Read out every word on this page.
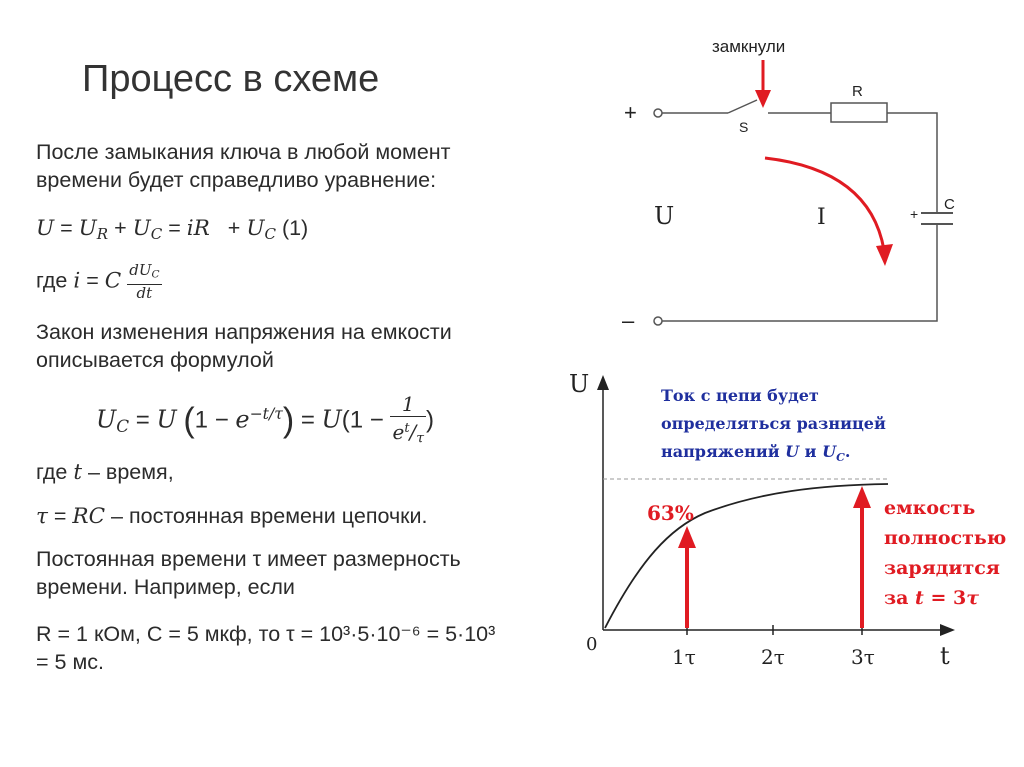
Процесс в схеме
После замыкания ключа в любой момент
времени будет справедливо уравнение:
$U = U_R + U_C$ = iR   + $U_C$ (1)
где i = C $\frac{dU_C}{dt}$
Закон изменения напряжения на емкости
описывается формулой
$U_C = U$ $(1 - e^{-t/\tau}) = U(1 - \frac{1}{e^t/_\tau}$ )
где t – время,
τ = RC – постоянная времени цепочки.
Постоянная времени τ имеет размерность
времени. Например, если
R = 1 кОм, C = 5 мкф, то τ = 10³·5·10⁻⁶ = 5·10³
= 5 мс.
замкнули
+
S
R
+
C
–
U	I
U
t
0
1τ	2τ	3τ
63%
Ток с цепи будет
определяться разницей
напряжений U и $U_C$.
емкость
полностью
зарядится
за t = 3τ
